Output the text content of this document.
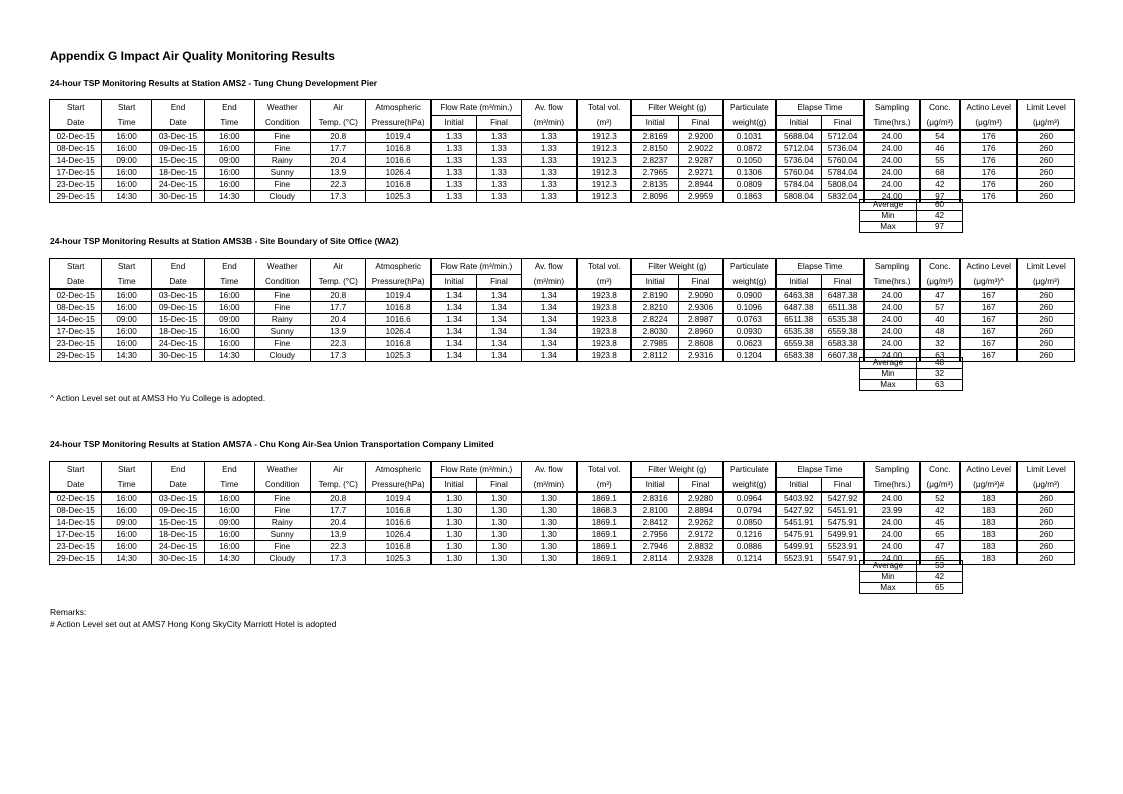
Appendix G Impact Air Quality Monitoring Results
24-hour TSP Monitoring Results at Station AMS2 - Tung Chung Development Pier
24-hour TSP Monitoring Results at Station AMS3B - Site Boundary of Site Office (WA2)
^ Action Level set out at AMS3 Ho Yu College is adopted.
24-hour TSP Monitoring Results at Station AMS7A - Chu Kong Air-Sea Union Transportation Company Limited
Start	Start	End	End	Weather	Air	Atmospheric	Flow Rate (m³/min.)		Av. flow	Total vol.	Filter Weight (g)		Particulate	Elapse Time		Sampling	Conc.	Actino Level	Limit Level
Date	Time	Date	Time	Condition	Temp. (°C)	Pressure(hPa)	Initial	Final	(m³/min)	(m³)	Initial	Final	weight(g)	Initial	Final	Time(hrs.)	(μg/m³)	(μg/m³)	(μg/m³)
02-Dec-15	16:00	03-Dec-15	16:00	Fine	20.8	1019.4	1.33	1.33	1.33	1912.3	2.8169	2.9200	0.1031	5688.04	5712.04	24.00	54	176	260
08-Dec-15	16:00	09-Dec-15	16:00	Fine	17.7	1016.8	1.33	1.33	1.33	1912.3	2.8150	2.9022	0.0872	5712.04	5736.04	24.00	46	176	260
14-Dec-15	09:00	15-Dec-15	09:00	Rainy	20.4	1016.6	1.33	1.33	1.33	1912.3	2.8237	2.9287	0.1050	5736.04	5760.04	24.00	55	176	260
17-Dec-15	16:00	18-Dec-15	16:00	Sunny	13.9	1026.4	1.33	1.33	1.33	1912.3	2.7965	2.9271	0.1306	5760.04	5784.04	24.00	68	176	260
23-Dec-15	16:00	24-Dec-15	16:00	Fine	22.3	1016.8	1.33	1.33	1.33	1912.3	2.8135	2.8944	0.0809	5784.04	5808.04	24.00	42	176	260
29-Dec-15	14:30	30-Dec-15	14:30	Cloudy	17.3	1025.3	1.33	1.33	1.33	1912.3	2.8096	2.9959	0.1863	5808.04	5832.04	24.00	97	176	260
Average	60
Min	42
Max	97
Start	Start	End	End	Weather	Air	Atmospheric	Flow Rate (m³/min.)		Av. flow	Total vol.	Filter Weight (g)		Particulate	Elapse Time		Sampling	Conc.	Actino Level	Limit Level
Date	Time	Date	Time	Condition	Temp. (°C)	Pressure(hPa)	Initial	Final	(m³/min)	(m³)	Initial	Final	weight(g)	Initial	Final	Time(hrs.)	(μg/m³)	(μg/m³)^	(μg/m³)
02-Dec-15	16:00	03-Dec-15	16:00	Fine	20.8	1019.4	1.34	1.34	1.34	1923.8	2.8190	2.9090	0.0900	6463.38	6487.38	24.00	47	167	260
08-Dec-15	16:00	09-Dec-15	16:00	Fine	17.7	1016.8	1.34	1.34	1.34	1923.8	2.8210	2.9306	0.1096	6487.38	6511.38	24.00	57	167	260
14-Dec-15	09:00	15-Dec-15	09:00	Rainy	20.4	1016.6	1.34	1.34	1.34	1923.8	2.8224	2.8987	0.0763	6511.38	6535.38	24.00	40	167	260
17-Dec-15	16:00	18-Dec-15	16:00	Sunny	13.9	1026.4	1.34	1.34	1.34	1923.8	2.8030	2.8960	0.0930	6535.38	6559.38	24.00	48	167	260
23-Dec-15	16:00	24-Dec-15	16:00	Fine	22.3	1016.8	1.34	1.34	1.34	1923.8	2.7985	2.8608	0.0623	6559.38	6583.38	24.00	32	167	260
29-Dec-15	14:30	30-Dec-15	14:30	Cloudy	17.3	1025.3	1.34	1.34	1.34	1923.8	2.8112	2.9316	0.1204	6583.38	6607.38	24.00	63	167	260
Average	48
Min	32
Max	63
Start	Start	End	End	Weather	Air	Atmospheric	Flow Rate (m³/min.)		Av. flow	Total vol.	Filter Weight (g)		Particulate	Elapse Time		Sampling	Conc.	Actino Level	Limit Level
Date	Time	Date	Time	Condition	Temp. (°C)	Pressure(hPa)	Initial	Final	(m³/min)	(m³)	Initial	Final	weight(g)	Initial	Final	Time(hrs.)	(μg/m³)	(μg/m³)#	(μg/m³)
02-Dec-15	16:00	03-Dec-15	16:00	Fine	20.8	1019.4	1.30	1.30	1.30	1869.1	2.8316	2.9280	0.0964	5403.92	5427.92	24.00	52	183	260
08-Dec-15	16:00	09-Dec-15	16:00	Fine	17.7	1016.8	1.30	1.30	1.30	1868.3	2.8100	2.8894	0.0794	5427.92	5451.91	23.99	42	183	260
14-Dec-15	09:00	15-Dec-15	09:00	Rainy	20.4	1016.6	1.30	1.30	1.30	1869.1	2.8412	2.9262	0.0850	5451.91	5475.91	24.00	45	183	260
17-Dec-15	16:00	18-Dec-15	16:00	Sunny	13.9	1026.4	1.30	1.30	1.30	1869.1	2.7956	2.9172	0.1216	5475.91	5499.91	24.00	65	183	260
23-Dec-15	16:00	24-Dec-15	16:00	Fine	22.3	1016.8	1.30	1.30	1.30	1869.1	2.7946	2.8832	0.0886	5499.91	5523.91	24.00	47	183	260
29-Dec-15	14:30	30-Dec-15	14:30	Cloudy	17.3	1025.3	1.30	1.30	1.30	1869.1	2.8114	2.9328	0.1214	5523.91	5547.91	24.00	65	183	260
Average	53
Min	42
Max	65
Remarks:
# Action Level set out at AMS7 Hong Kong SkyCity Marriott Hotel is adopted
